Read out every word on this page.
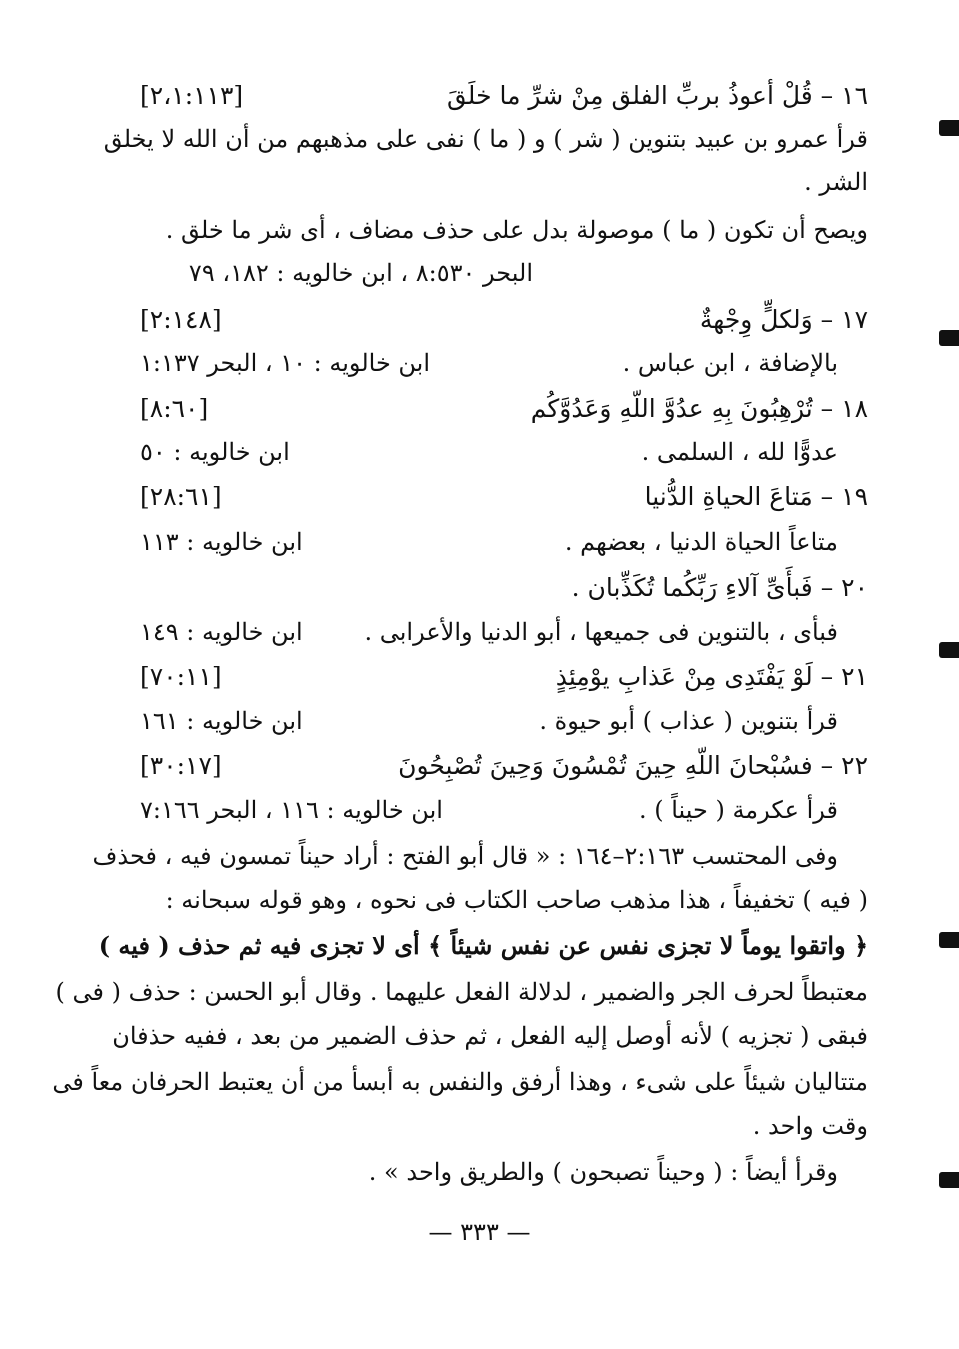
١٦ – قُلْ أعوذُ بربِّ الفلق مِنْ شرِّ ما خلَقَ
[٢،١:١١٣]
قرأ عمرو بن عبيد بتنوين ( شر ) و ( ما ) نفى على مذهبهم من أن الله لا يخلق
الشر .
ويصح أن تكون ( ما ) موصولة بدل على حذف مضاف ، أى شر ما خلق .
البحر ٨:٥٣٠ ، ابن خالويه : ١٨٢، ٧٩
١٧ – وَلكلٍّ وِجْهةٌ
[٢:١٤٨]
بالإضافة ، ابن عباس .
ابن خالويه : ١٠ ، البحر ١:١٣٧
١٨ – تُرْهِبُونَ بِهِ عدُوَّ اللّهِ وَعَدُوَّكُم
[٨:٦٠]
عدوًّا لله ، السلمى .
ابن خالويه : ٥٠
١٩ – مَتاعَ الحياةِ الدُّنيا
[٢٨:٦١]
متاعاً الحياة الدنيا ، بعضهم .
ابن خالويه : ١١٣
٢٠ – فَبأَىِّ آلاءِ رَبِّكُما تُكَذِّبان .
فبأى ، بالتنوين فى جميعها ، أبو الدنيا والأعرابى .
ابن خالويه : ١٤٩
٢١ – لَوْ يَفْتَدِى مِنْ عَذابِ يوْمِئِذٍ
[٧٠:١١]
قرأ بتنوين ( عذاب ) أبو حيوة .
ابن خالويه : ١٦١
٢٢ – فسُبْحانَ اللّهِ حِينَ تُمْسُونَ وَحِينَ تُصْبِحُونَ
[٣٠:١٧]
قرأ عكرمة ( حيناً ) .
ابن خالويه : ١١٦ ، البحر ٧:١٦٦
وفى المحتسب ٢:١٦٣–١٦٤ : « قال أبو الفتح : أراد حيناً تمسون فيه ، فحذف
( فيه ) تخفيفاً ، هذا مذهب صاحب الكتاب فى نحوه ، وهو قوله سبحانه :
﴿ واتقوا يوماً لا تجزى نفس عن نفس شيئاً ﴾ أى لا تجزى فيه ثم حذف ( فيه )
معتبطاً لحرف الجر والضمير ، لدلالة الفعل عليهما . وقال أبو الحسن : حذف ( فى )
فبقى ( تجزيه ) لأنه أوصل إليه الفعل ، ثم حذف الضمير من بعد ، ففيه حذفان
متتاليان شيئاً على شىء ، وهذا أرفق والنفس به أبسأ من أن يعتبط الحرفان معاً فى
وقت واحد .
وقرأ أيضاً : ( وحيناً تصبحون ) والطريق واحد » .
— ٣٣٣ —
